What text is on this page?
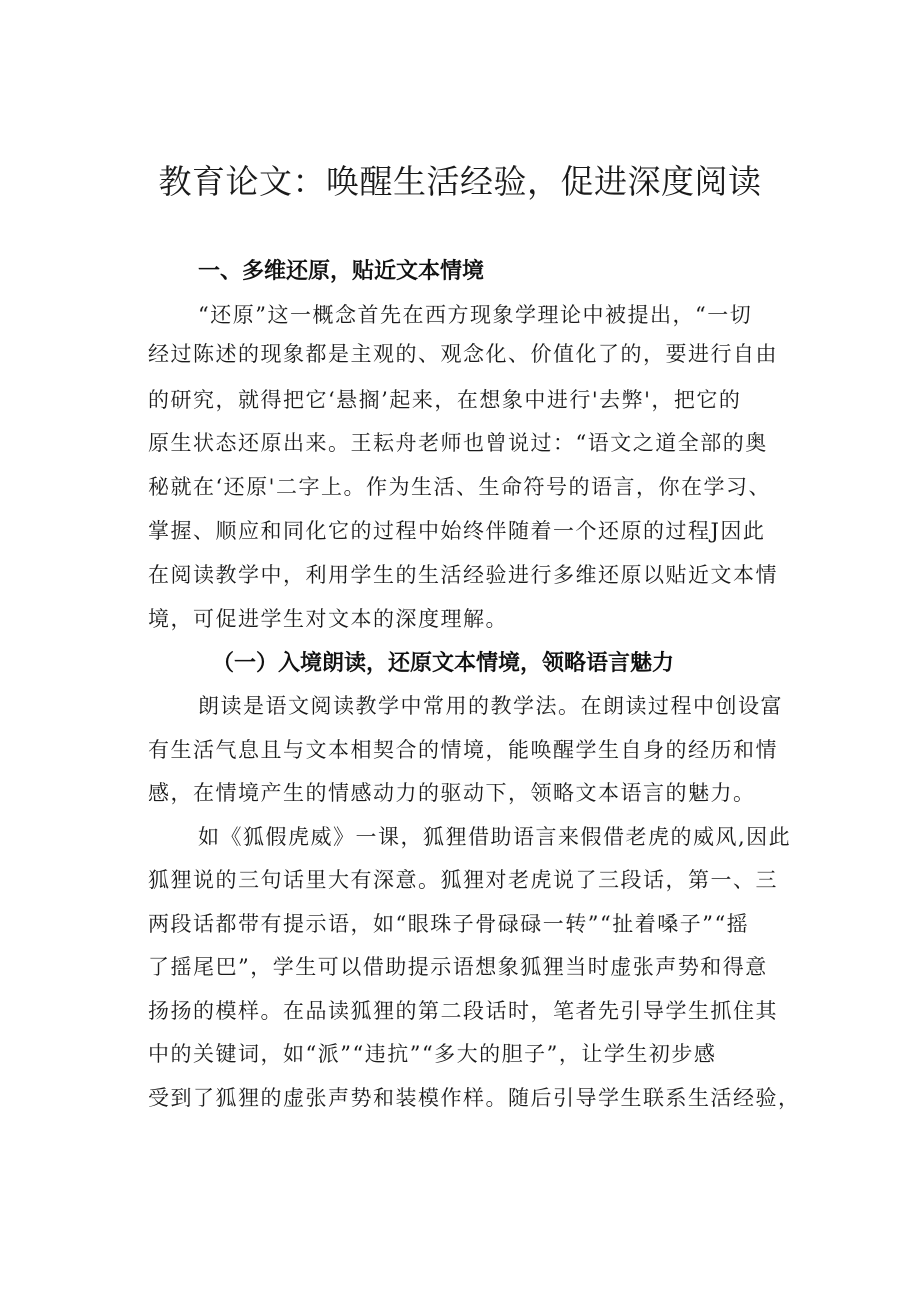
教育论文：唤醒生活经验，促进深度阅读
一、多维还原，贴近文本情境
“还原”这一概念首先在西方现象学理论中被提出，“一切
经过陈述的现象都是主观的、观念化、价值化了的，要进行自由
的研究，就得把它‘悬搁’起来，在想象中进行'去弊'，把它的
原生状态还原出来。王耘舟老师也曾说过：“语文之道全部的奥
秘就在‘还原'二字上。作为生活、生命符号的语言，你在学习、
掌握、顺应和同化它的过程中始终伴随着一个还原的过程J因此
在阅读教学中，利用学生的生活经验进行多维还原以贴近文本情
境，可促进学生对文本的深度理解。
（一）入境朗读，还原文本情境，领略语言魅力
朗读是语文阅读教学中常用的教学法。在朗读过程中创设富
有生活气息且与文本相契合的情境，能唤醒学生自身的经历和情
感，在情境产生的情感动力的驱动下，领略文本语言的魅力。
如《狐假虎威》一课，狐狸借助语言来假借老虎的威风,因此
狐狸说的三句话里大有深意。狐狸对老虎说了三段话，第一、三
两段话都带有提示语，如“眼珠子骨碌碌一转”“扯着嗓子”“摇
了摇尾巴”，学生可以借助提示语想象狐狸当时虚张声势和得意
扬扬的模样。在品读狐狸的第二段话时，笔者先引导学生抓住其
中的关键词，如“派”“违抗”“多大的胆子”，让学生初步感
受到了狐狸的虚张声势和装模作样。随后引导学生联系生活经验，
